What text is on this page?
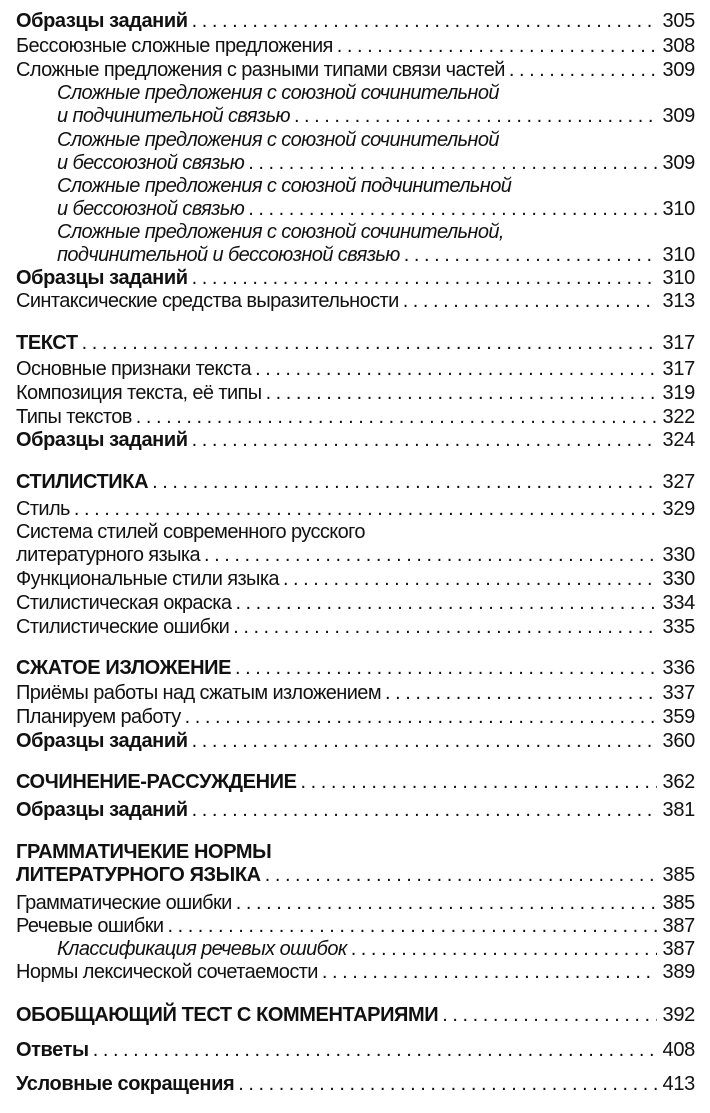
Образцы заданий . . .	305
Бессоюзные сложные предложения . . .	308
Сложные предложения с разными типами связи частей . . .	309
Сложные предложения с союзной сочинительной
и подчинительной связью . . .	309
Сложные предложения с союзной сочинительной
и бессоюзной связью . . .	309
Сложные предложения с союзной подчинительной
и бессоюзной связью . . .	310
Сложные предложения с союзной сочинительной,
подчинительной и бессоюзной связью . . .	310
Образцы заданий . . .	310
Синтаксические средства выразительности . . .	313
ТЕКСТ . . .	317
Основные признаки текста . . .	317
Композиция текста, её типы . . .	319
Типы текстов . . .	322
Образцы заданий . . .	324
СТИЛИСТИКА . . .	327
Стиль . . .	329
Система стилей современного русского
литературного языка . . .	330
Функциональные стили языка . . .	330
Стилистическая окраска . . .	334
Стилистические ошибки . . .	335
СЖАТОЕ ИЗЛОЖЕНИЕ . . .	336
Приёмы работы над сжатым изложением . . .	337
Планируем работу . . .	359
Образцы заданий . . .	360
СОЧИНЕНИЕ-РАССУЖДЕНИЕ . . .	362
Образцы заданий . . .	381
ГРАММАТИЧЕКИЕ НОРМЫ
ЛИТЕРАТУРНОГО ЯЗЫКА . . .	385
Грамматические ошибки . . .	385
Речевые ошибки . . .	387
Классификация речевых ошибок . . .	387
Нормы лексической сочетаемости . . .	389
ОБОБЩАЮЩИЙ ТЕСТ С КОММЕНТАРИЯМИ . . .	392
Ответы . . .	408
Условные сокращения . . .	413
